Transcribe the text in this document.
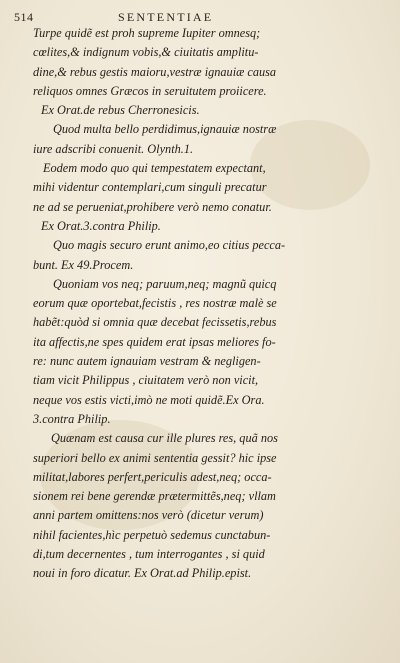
514	SENTENTIAE
Turpe quidẽ est proh supreme Iupiter omnesq;
cœlites,& indignum vobis,& ciuitatis amplitu-
dine,& rebus gestis maioru,vestræ ignauiæ causa
reliquos omnes Græcos in seruitutem proiicere.
Ex Orat.de rebus Cherronesicis.
Quod multa bello perdidimus,ignauiæ nostræ
iure adscribi conuenit. Olynth.1.
Eodem modo quo qui tempestatem expectant,
mihi videntur contemplari,cum singuli precatur
ne ad se perueniat,prohibere verò nemo conatur.
Ex Orat.3.contra Philip.
Quo magis securo erunt animo,eo citius pecca-
bunt. Ex 49.Procem.
Quoniam vos neq; paruum,neq; magnũ quicq
eorum quæ oportebat,fecistis , res nostræ malè se
habẽt:quòd si omnia quæ decebat fecissetis,rebus
ita affectis,ne spes quidem erat ipsas meliores fo-
re: nunc autem ignauiam vestram & negligen-
tiam vicit Philippus , ciuitatem verò non vicit,
neque vos estis victi,imò ne moti quidẽ.Ex Ora.
3.contra Philip.
Quænam est causa cur ille plures res, quã nos
superiori bello ex animi sententia gessit? hic ipse
militat,labores perfert,periculis adest,neq; occa-
sionem rei bene gerendæ prætermittẽs,neq; vllam
anni partem omittens:nos verò (dicetur verum)
nihil facientes,hìc perpetuò sedemus cunctabun-
di,tum decernentes , tum interrogantes , si quid
noui in foro dicatur. Ex Orat.ad Philip.epist.
